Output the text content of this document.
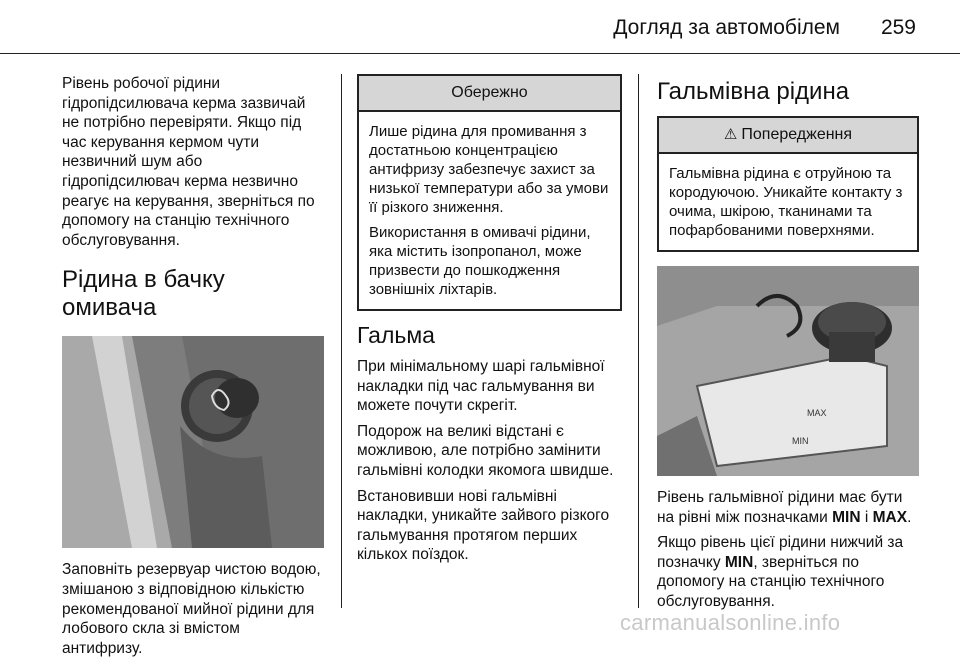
Догляд за автомобілем 259

Рівень робочої рідини гідропідсилювача керма зазвичай не потрібно перевіряти. Якщо під час керування кермом чути незвичний шум або гідропідсилювач керма незвично реагує на керування, зверніться по допомогу на станцію технічного обслуговування.

Рідина в бачку омивача

Заповніть резервуар чистою водою, змішаною з відповідною кількістю рекомендованої мийної рідини для лобового скла зі вмістом антифризу.

Обережно

Лише рідина для промивання з достатньою концентрацією антифризу забезпечує захист за низької температури або за умови її різкого зниження.

Використання в омивачі рідини, яка містить ізопропанол, може призвести до пошкодження зовнішніх ліхтарів.

Гальма

При мінімальному шарі гальмівної накладки під час гальмування ви можете почути скрегіт.

Подорож на великі відстані є можливою, але потрібно замінити гальмівні колодки якомога швидше.

Встановивши нові гальмівні накладки, уникайте зайвого різкого гальмування протягом перших кількох поїздок.

Гальмівна рідина
⚠ Попередження

Гальмівна рідина є отруйною та кородуючою. Уникайте контакту з очима, шкірою, тканинами та пофарбованими поверхнями.

MAX
MIN

Рівень гальмівної рідини має бути на рівні між позначками MIN і MAX.

Якщо рівень цієї рідини нижчий за позначку MIN, зверніться по допомогу на станцію технічного обслуговування.

carmanualsonline.info
